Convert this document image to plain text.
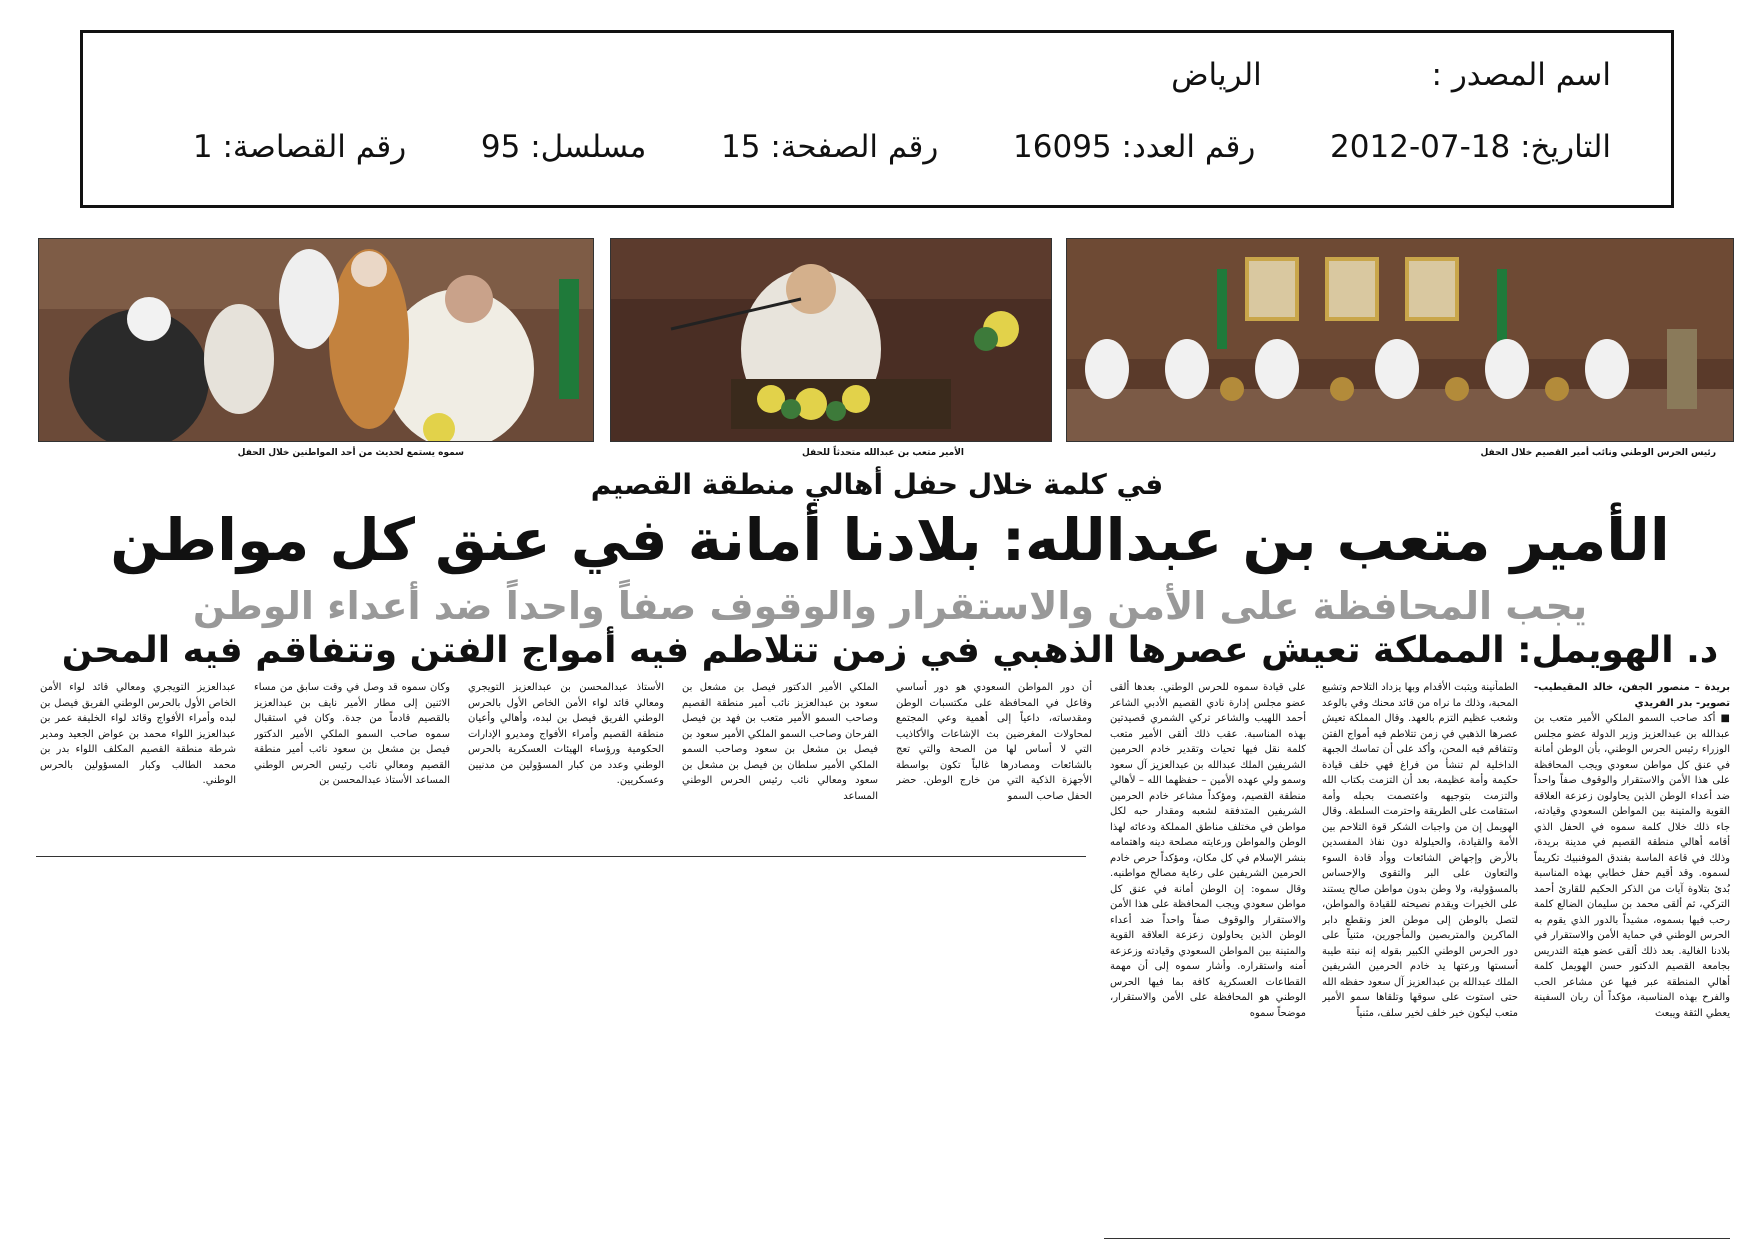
اسم المصدر :  الرياض
التاريخ: 18-07-2012  رقم العدد: 16095  رقم الصفحة: 15  مسلسل: 95  رقم القصاصة: 1
رئيس الحرس الوطني ونائب أمير القصيم خلال الحفل
الأمير متعب بن عبدالله متحدثاً للحفل
سموه يستمع لحديث من أحد المواطنين خلال الحفل
في كلمة خلال حفل أهالي منطقة القصيم
الأمير متعب بن عبدالله: بلادنا أمانة في عنق كل مواطن
يجب المحافظة على الأمن والاستقرار والوقوف صفاً واحداً ضد أعداء الوطن
د. الهويمل: المملكة تعيش عصرها الذهبي في زمن تتلاطم فيه أمواج الفتن وتتفاقم فيه المحن
بريدة – منصور الجفن، خالد المقيطيب- تصوير- بدر الفريدي
■ أكد صاحب السمو الملكي الأمير متعب بن عبدالله بن عبدالعزيز وزير الدولة عضو مجلس الوزراء رئيس الحرس الوطني، بأن الوطن أمانة في عنق كل مواطن سعودي ويجب المحافظة على هذا الأمن والاستقرار والوقوف صفاً واحداً ضد أعداء الوطن الذين يحاولون زعزعة العلاقة القوية والمتينة بين المواطن السعودي وقيادته، جاء ذلك خلال كلمة سموه في الحفل الذي أقامه أهالي منطقة القصيم في مدينة بريدة، وذلك في قاعة الماسة بفندق الموفنبيك تكريماً لسموه. وقد أقيم حفل خطابي بهذه المناسبة بُدئ بتلاوة آيات من الذكر الحكيم للقارئ أحمد التركي، ثم ألقى محمد بن سليمان الضالع كلمة رحب فيها بسموه، مشيداً بالدور الذي يقوم به الحرس الوطني في حماية الأمن والاستقرار في بلادنا الغالية. بعد ذلك ألقى عضو هيئة التدريس بجامعة القصيم الدكتور حسن الهويمل كلمة أهالي المنطقة عبر فيها عن مشاعر الحب والفرح بهذه المناسبة، مؤكداً أن ربان السفينة يعطي الثقة ويبعث
الطمأنينة ويثبت الأقدام وبها يزداد التلاحم وتشيع المحبة، وذلك ما نراه من قائد محنك وفي بالوعد وشعب عظيم التزم بالعهد. وقال المملكة تعيش عصرها الذهبي في زمن تتلاطم فيه أمواج الفتن وتتفاقم فيه المحن، وأكد على أن تماسك الجبهة الداخلية لم تنشأ من فراغ فهي خلف قيادة حكيمة وأمة عظيمة، بعد أن التزمت بكتاب الله والتزمت بتوجيهه واعتصمت بحبله وأمة استقامت على الطريقة واحترمت السلطة. وقال الهويمل إن من واجبات الشكر قوة التلاحم بين الأمة والقيادة، والحيلولة دون نفاذ المفسدين بالأرض وإجهاض الشائعات ووأد قادة السوء والتعاون على البر والتقوى والإحساس بالمسؤولية، ولا وطن بدون مواطن صالح يستند على الخيرات ويقدم نصيحته للقيادة والمواطن، لتصل بالوطن إلى موطن العز ونقطع دابر الماكرين والمتربصين والمأجورين، مثنياً على دور الحرس الوطني الكبير بقوله إنه نبتة طيبة أسستها ورعتها يد خادم الحرمين الشريفين الملك عبدالله بن عبدالعزيز آل سعود حفظه الله حتى استوت على سوقها وتلقاها سمو الأمير متعب ليكون خير خلف لخير سلف، مثنياً
على قيادة سموه للحرس الوطني. بعدها ألقى عضو مجلس إدارة نادي القصيم الأدبي الشاعر أحمد اللهيب والشاعر تركي الشمري قصيدتين بهذه المناسبة. عقب ذلك ألقى الأمير متعب كلمة نقل فيها تحيات وتقدير خادم الحرمين الشريفين الملك عبدالله بن عبدالعزيز آل سعود وسمو ولي عهده الأمين – حفظهما الله – لأهالي منطقة القصيم، ومؤكداً مشاعر خادم الحرمين الشريفين المتدفقة لشعبه ومقدار حبه لكل مواطن في مختلف مناطق المملكة ودعائه لهذا الوطن والمواطن ورعايته مصلحة دينه واهتمامه بنشر الإسلام في كل مكان، ومؤكداً حرص خادم الحرمين الشريفين على رعاية مصالح مواطنيه. وقال سموه: إن الوطن أمانة في عنق كل مواطن سعودي ويجب المحافظة على هذا الأمن والاستقرار والوقوف صفاً واحداً ضد أعداء الوطن الذين يحاولون زعزعة العلاقة القوية والمتينة بين المواطن السعودي وقيادته وزعزعة أمنه واستقراره. وأشار سموه إلى أن مهمة القطاعات العسكرية كافة بما فيها الحرس الوطني هو المحافظة على الأمن والاستقرار، موضحاً سموه
أن دور المواطن السعودي هو دور أساسي وفاعل في المحافظة على مكتسبات الوطن ومقدساته، داعياً إلى أهمية وعي المجتمع لمحاولات المغرضين بث الإشاعات والأكاذيب التي لا أساس لها من الصحة والتي تعج بالشائعات ومصادرها غالباً تكون بواسطة الأجهزة الذكية التي من خارج الوطن. حضر الحفل صاحب السمو
الملكي الأمير الدكتور فيصل بن مشعل بن سعود بن عبدالعزيز نائب أمير منطقة القصيم وصاحب السمو الأمير متعب بن فهد بن فيصل الفرحان وصاحب السمو الملكي الأمير سعود بن فيصل بن مشعل بن سعود وصاحب السمو الملكي الأمير سلطان بن فيصل بن مشعل بن سعود ومعالي نائب رئيس الحرس الوطني المساعد
الأستاذ عبدالمحسن بن عبدالعزيز التويجري ومعالي قائد لواء الأمن الخاص الأول بالحرس الوطني الفريق فيصل بن لبده، وأهالي وأعيان منطقة القصيم وأمراء الأفواج ومديرو الإدارات الحكومية ورؤساء الهيئات العسكرية بالحرس الوطني وعدد من كبار المسؤولين من مدنيين وعسكريين.
وكان سموه قد وصل في وقت سابق من مساء الاثنين إلى مطار الأمير نايف بن عبدالعزيز بالقصيم قادماً من جدة. وكان في استقبال سموه صاحب السمو الملكي الأمير الدكتور فيصل بن مشعل بن سعود نائب أمير منطقة القصيم ومعالي نائب رئيس الحرس الوطني المساعد الأستاذ عبدالمحسن بن
عبدالعزيز التويجري ومعالي قائد لواء الأمن الخاص الأول بالحرس الوطني الفريق فيصل بن لبده وأمراء الأفواج وقائد لواء الخليفة عمر بن عبدالعزيز اللواء محمد بن عواض الجعيد ومدير شرطة منطقة القصيم المكلف اللواء بدر بن محمد الطالب وكبار المسؤولين بالحرس الوطني.
